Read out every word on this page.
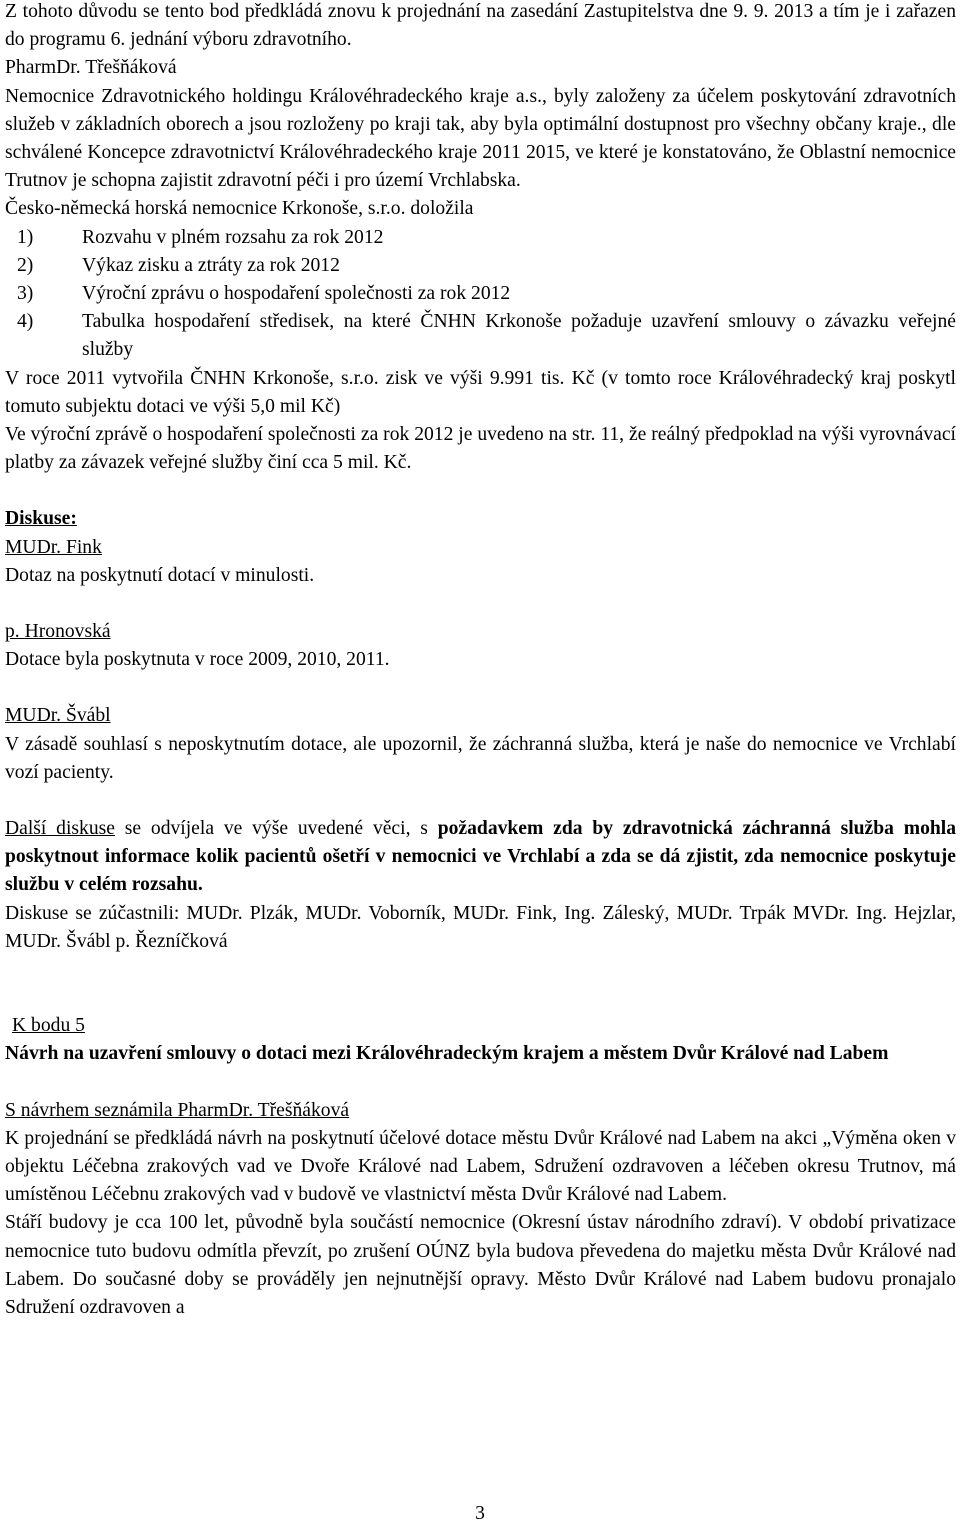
Z tohoto důvodu se tento bod předkládá znovu k projednání na zasedání Zastupitelstva dne 9. 9. 2013 a tím je i zařazen do programu 6. jednání výboru zdravotního.

PharmDr. Třešňáková

Nemocnice Zdravotnického holdingu Královéhradeckého kraje a.s., byly založeny za účelem poskytování zdravotních služeb v základních oborech a jsou rozloženy po kraji tak, aby byla optimální dostupnost pro všechny občany kraje., dle schválené Koncepce zdravotnictví Královéhradeckého kraje 2011 2015, ve které je konstatováno, že Oblastní nemocnice Trutnov je schopna zajistit zdravotní péči i pro území Vrchlabska.

Česko-německá horská nemocnice Krkonoše, s.r.o. doložila

1) Rozvahu v plném rozsahu za rok 2012
2) Výkaz zisku a ztráty za rok 2012
3) Výroční zprávu o hospodaření společnosti za rok 2012
4) Tabulka hospodaření středisek, na které ČNHN Krkonoše požaduje uzavření smlouvy o závazku veřejné služby

V roce 2011 vytvořila ČNHN Krkonoše, s.r.o. zisk ve výši 9.991 tis. Kč (v tomto roce Královéhradecký kraj poskytl tomuto subjektu dotaci ve výši 5,0 mil Kč)

Ve výroční zprávě o hospodaření společnosti za rok 2012 je uvedeno na str. 11, že reálný předpoklad na výši vyrovnávací platby za závazek veřejné služby činí cca 5 mil. Kč.

Diskuse:

MUDr. Fink

Dotaz na poskytnutí dotací v minulosti.

p. Hronovská

Dotace byla poskytnuta v roce 2009, 2010, 2011.

MUDr. Švábl

V zásadě souhlasí s neposkytnutím dotace, ale upozornil, že záchranná služba, která je naše do nemocnice ve Vrchlabí vozí pacienty.

Další diskuse se odvíjela ve výše uvedené věci, s požadavkem zda by zdravotnická záchranná služba mohla poskytnout informace kolik pacientů ošetří v nemocnici ve Vrchlabí a zda se dá zjistit, zda nemocnice poskytuje službu v celém rozsahu.

Diskuse se zúčastnili: MUDr. Plzák, MUDr. Voborník, MUDr. Fink, Ing. Záleský, MUDr. Trpák MVDr. Ing. Hejzlar, MUDr. Švábl p. Řezníčková

K bodu 5

Návrh na uzavření smlouvy o dotaci mezi Královéhradeckým krajem a městem Dvůr Králové nad Labem

S návrhem seznámila PharmDr. Třešňáková

K projednání se předkládá návrh na poskytnutí účelové dotace městu Dvůr Králové nad Labem na akci „Výměna oken v objektu Léčebna zrakových vad ve Dvoře Králové nad Labem, Sdružení ozdravoven a léčeben okresu Trutnov, má umístěnou Léčebnu zrakových vad v budově ve vlastnictví města Dvůr Králové nad Labem.

Stáří budovy je cca 100 let, původně byla součástí nemocnice (Okresní ústav národního zdraví). V období privatizace nemocnice tuto budovu odmítla převzít, po zrušení OÚNZ byla budova převedena do majetku města Dvůr Králové nad Labem. Do současné doby se prováděly jen nejnutnější opravy. Město Dvůr Králové nad Labem budovu pronajalo Sdružení ozdravoven a

3
